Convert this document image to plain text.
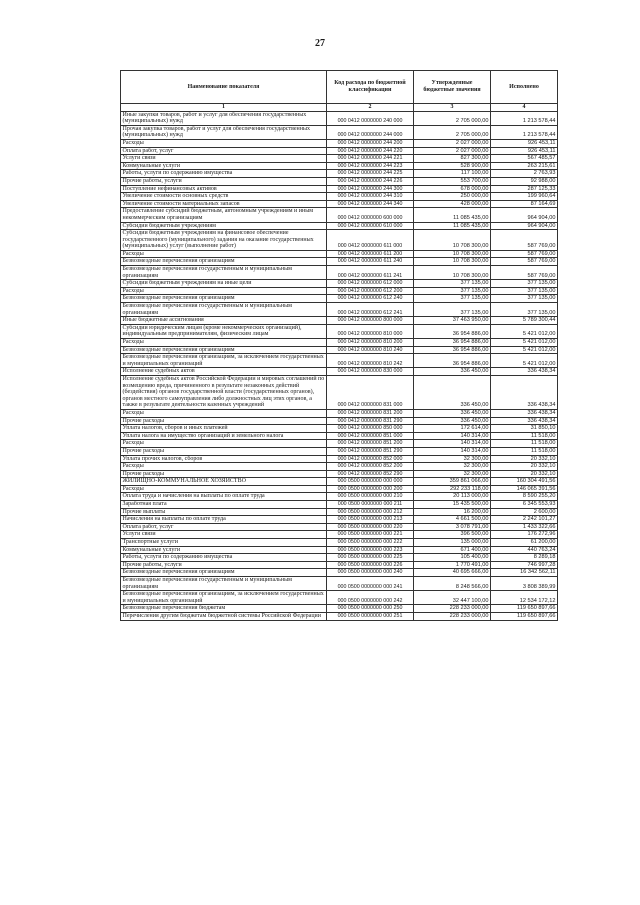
27
Наименование показателя	Код расхода по бюджетной классификации	Утвержденные бюджетные значения	Исполнено
1	2	3	4
Иные закупки товаров, работ и услуг для обеспечения государственных (муниципальных) нужд	000 0412 0000000 240 000	2 705 000,00	1 213 578,44
Прочая закупка товаров, работ и услуг для обеспечения государственных (муниципальных) нужд	000 0412 0000000 244 000	2 705 000,00	1 213 578,44
Расходы	000 0412 0000000 244 200	2 027 000,00	926 453,11
Оплата работ, услуг	000 0412 0000000 244 220	2 027 000,00	926 453,11
Услуги связи	000 0412 0000000 244 221	827 300,00	567 485,57
Коммунальные услуги	000 0412 0000000 244 223	528 900,00	263 215,61
Работы, услуги по содержанию имущества	000 0412 0000000 244 225	117 100,00	2 763,93
Прочие работы, услуги	000 0412 0000000 244 226	553 700,00	92 988,00
Поступление нефинансовых активов	000 0412 0000000 244 300	678 000,00	287 125,33
Увеличение стоимости основных средств	000 0412 0000000 244 310	250 000,00	199 960,64
Увеличение стоимости материальных запасов	000 0412 0000000 244 340	428 000,00	87 164,69
Предоставление субсидий бюджетным, автономным учреждениям и иным некоммерческим организациям	000 0412 0000000 600 000	11 085 435,00	964 904,00
Субсидии бюджетным учреждениям	000 0412 0000000 610 000	11 085 435,00	964 904,00
Субсидии бюджетным учреждениям на финансовое обеспечение государственного (муниципального) задания на оказание государственных (муниципальных) услуг (выполнение работ)	000 0412 0000000 611 000	10 708 300,00	587 769,00
Расходы	000 0412 0000000 611 200	10 708 300,00	587 769,00
Безвозмездные перечисления организациям	000 0412 0000000 611 240	10 708 300,00	587 769,00
Безвозмездные перечисления государственным и муниципальным организациям	000 0412 0000000 611 241	10 708 300,00	587 769,00
Субсидии бюджетным учреждениям на иные цели	000 0412 0000000 612 000	377 135,00	377 135,00
Расходы	000 0412 0000000 612 200	377 135,00	377 135,00
Безвозмездные перечисления организациям	000 0412 0000000 612 240	377 135,00	377 135,00
Безвозмездные перечисления государственным и муниципальным организациям	000 0412 0000000 612 241	377 135,00	377 135,00
Иные бюджетные ассигнования	000 0412 0000000 800 000	37 463 950,00	5 789 300,44
Субсидии юридическим лицам (кроме некоммерческих организаций), индивидуальным предпринимателям, физическим лицам	000 0412 0000000 810 000	36 954 886,00	5 421 012,00
Расходы	000 0412 0000000 810 200	36 954 886,00	5 421 012,00
Безвозмездные перечисления организациям	000 0412 0000000 810 240	36 954 886,00	5 421 012,00
Безвозмездные перечисления организациям, за исключением государственных и муниципальных организаций	000 0412 0000000 810 242	36 954 886,00	5 421 012,00
Исполнение судебных актов	000 0412 0000000 830 000	336 450,00	336 438,34
Исполнение судебных актов Российской Федерации и мировых соглашений по возмещению вреда, причиненного в результате незаконных действий (бездействия) органов государственной власти (государственных органов), органов местного самоуправления либо должностных лиц этих органов, а также в результате деятельности казенных учреждений	000 0412 0000000 831 000	336 450,00	336 438,34
Расходы	000 0412 0000000 831 200	336 450,00	336 438,34
Прочие расходы	000 0412 0000000 831 290	336 450,00	336 438,34
Уплата налогов, сборов и иных платежей	000 0412 0000000 850 000	172 614,00	31 850,10
Уплата налога на имущество организаций и земельного налога	000 0412 0000000 851 000	140 314,00	11 518,00
Расходы	000 0412 0000000 851 200	140 314,00	11 518,00
Прочие расходы	000 0412 0000000 851 290	140 314,00	11 518,00
Уплата прочих налогов, сборов	000 0412 0000000 852 000	32 300,00	20 332,10
Расходы	000 0412 0000000 852 200	32 300,00	20 332,10
Прочие расходы	000 0412 0000000 852 290	32 300,00	20 332,10
ЖИЛИЩНО-КОММУНАЛЬНОЕ ХОЗЯЙСТВО	000 0500 0000000 000 000	359 861 066,00	160 304 491,56
Расходы	000 0500 0000000 000 200	292 233 118,00	146 065 391,56
Оплата труда и начисления на выплаты по оплате труда	000 0500 0000000 000 210	20 113 000,00	8 590 255,20
Заработная плата	000 0500 0000000 000 211	15 435 500,00	6 345 553,93
Прочие выплаты	000 0500 0000000 000 212	16 200,00	2 600,00
Начисления на выплаты по оплате труда	000 0500 0000000 000 213	4 661 500,00	2 242 101,27
Оплата работ, услуг	000 0500 0000000 000 220	3 078 791,00	1 433 322,66
Услуги связи	000 0500 0000000 000 221	396 500,00	176 272,96
Транспортные услуги	000 0500 0000000 000 222	135 000,00	61 200,00
Коммунальные услуги	000 0500 0000000 000 223	671 400,00	440 763,24
Работы, услуги по содержанию имущества	000 0500 0000000 000 225	105 400,00	8 289,18
Прочие работы, услуги	000 0500 0000000 000 226	1 770 491,00	746 997,28
Безвозмездные перечисления организациям	000 0500 0000000 000 240	40 695 666,00	16 342 562,11
Безвозмездные перечисления государственным и муниципальным организациям	000 0500 0000000 000 241	8 248 566,00	3 808 389,99
Безвозмездные перечисления организациям, за исключением государственных и муниципальных организаций	000 0500 0000000 000 242	32 447 100,00	12 534 172,12
Безвозмездные перечисления бюджетам	000 0500 0000000 000 250	228 233 000,00	119 650 897,66
Перечисления другим бюджетам бюджетной системы Российской Федерации	000 0500 0000000 000 251	228 233 000,00	119 650 897,66
